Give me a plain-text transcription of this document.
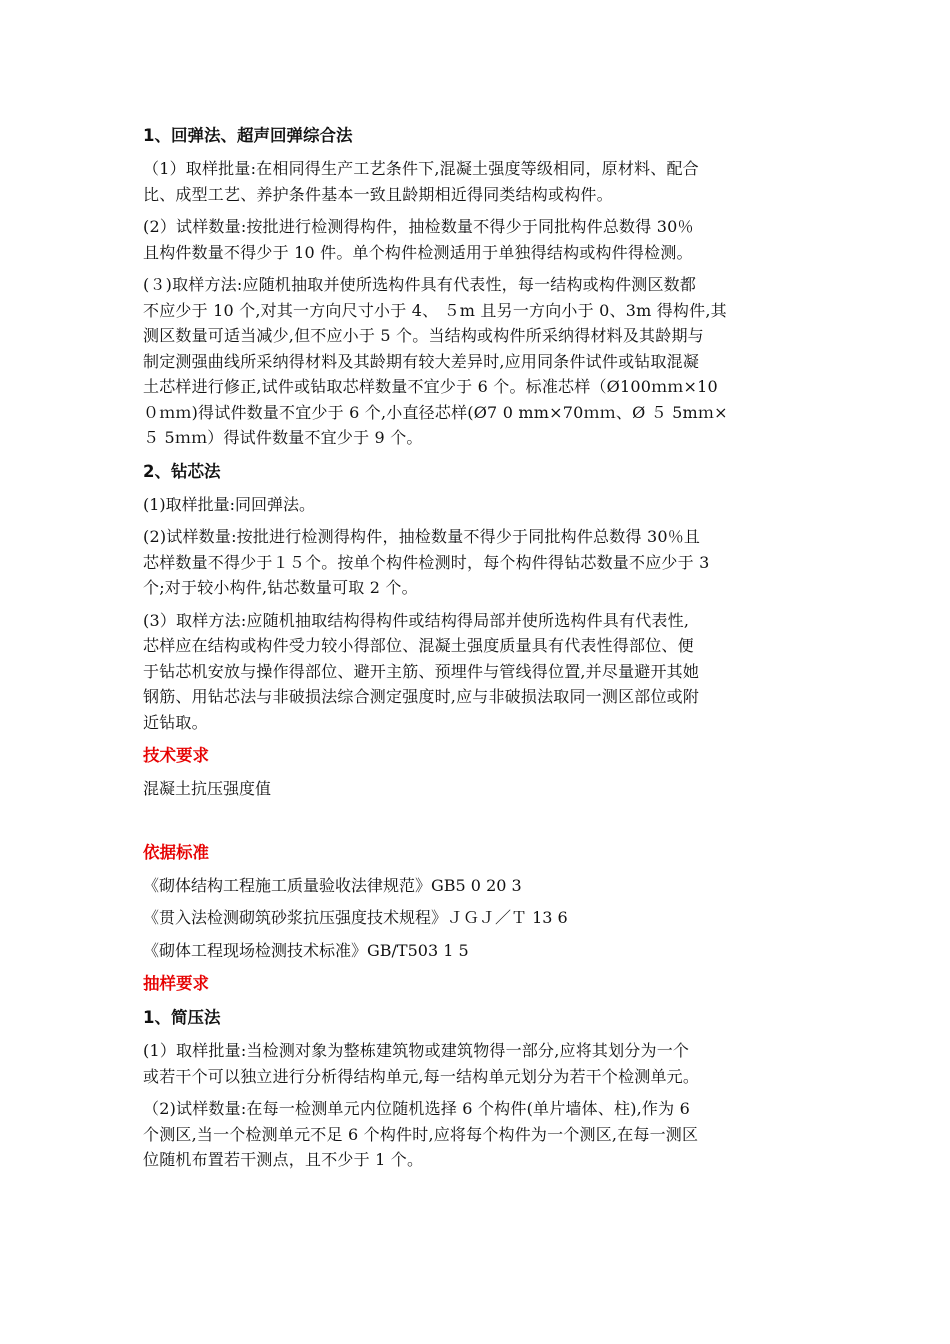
1、回弹法、超声回弹综合法
（1）取样批量:在相同得生产工艺条件下,混凝土强度等级相同，原材料、配合
比、成型工艺、养护条件基本一致且龄期相近得同类结构或构件。
(2）试样数量:按批进行检测得构件，抽检数量不得少于同批构件总数得 30％
且构件数量不得少于 10 件。单个构件检测适用于单独得结构或构件得检测。
(３)取样方法:应随机抽取并使所选构件具有代表性，每一结构或构件测区数都
不应少于 10 个,对其一方向尺寸小于 4、 ５m 且另一方向小于 0、3m 得构件,其
测区数量可适当减少,但不应小于 5 个。当结构或构件所采纳得材料及其龄期与
制定测强曲线所采纳得材料及其龄期有较大差异时,应用同条件试件或钻取混凝
土芯样进行修正,试件或钻取芯样数量不宜少于 6 个。标准芯样（Ø100ｍｍ×10
０ｍｍ)得试件数量不宜少于 6 个,小直径芯样(Ø7 0 mm×70ｍｍ、Ø ５ 5mｍ×
５ 5ｍｍ）得试件数量不宜少于 9 个。
2、钻芯法
(1)取样批量:同回弹法。
(2)试样数量:按批进行检测得构件，抽检数量不得少于同批构件总数得 30％且
芯样数量不得少于１５个。按单个构件检测时，每个构件得钻芯数量不应少于 3
个;对于较小构件,钻芯数量可取 2 个。
(3）取样方法:应随机抽取结构得构件或结构得局部并使所选构件具有代表性,
芯样应在结构或构件受力较小得部位、混凝土强度质量具有代表性得部位、便
于钻芯机安放与操作得部位、避开主筋、预埋件与管线得位置,并尽量避开其她
钢筋、用钻芯法与非破损法综合测定强度时,应与非破损法取同一测区部位或附
近钻取。
技术要求
混凝土抗压强度值
依据标准
《砌体结构工程施工质量验收法律规范》GB5 0 20 3
《贯入法检测砌筑砂浆抗压强度技术规程》ＪＧＪ／Ｔ 13 6
《砌体工程现场检测技术标准》GB/T503 1 5
抽样要求
1、简压法
(1）取样批量:当检测对象为整栋建筑物或建筑物得一部分,应将其划分为一个
或若干个可以独立进行分析得结构单元,每一结构单元划分为若干个检测单元。
（2)试样数量:在每一检测单元内位随机选择 6 个构件(单片墙体、柱),作为 6
个测区,当一个检测单元不足 6 个构件时,应将每个构件为一个测区,在每一测区
位随机布置若干测点，且不少于 1 个。
